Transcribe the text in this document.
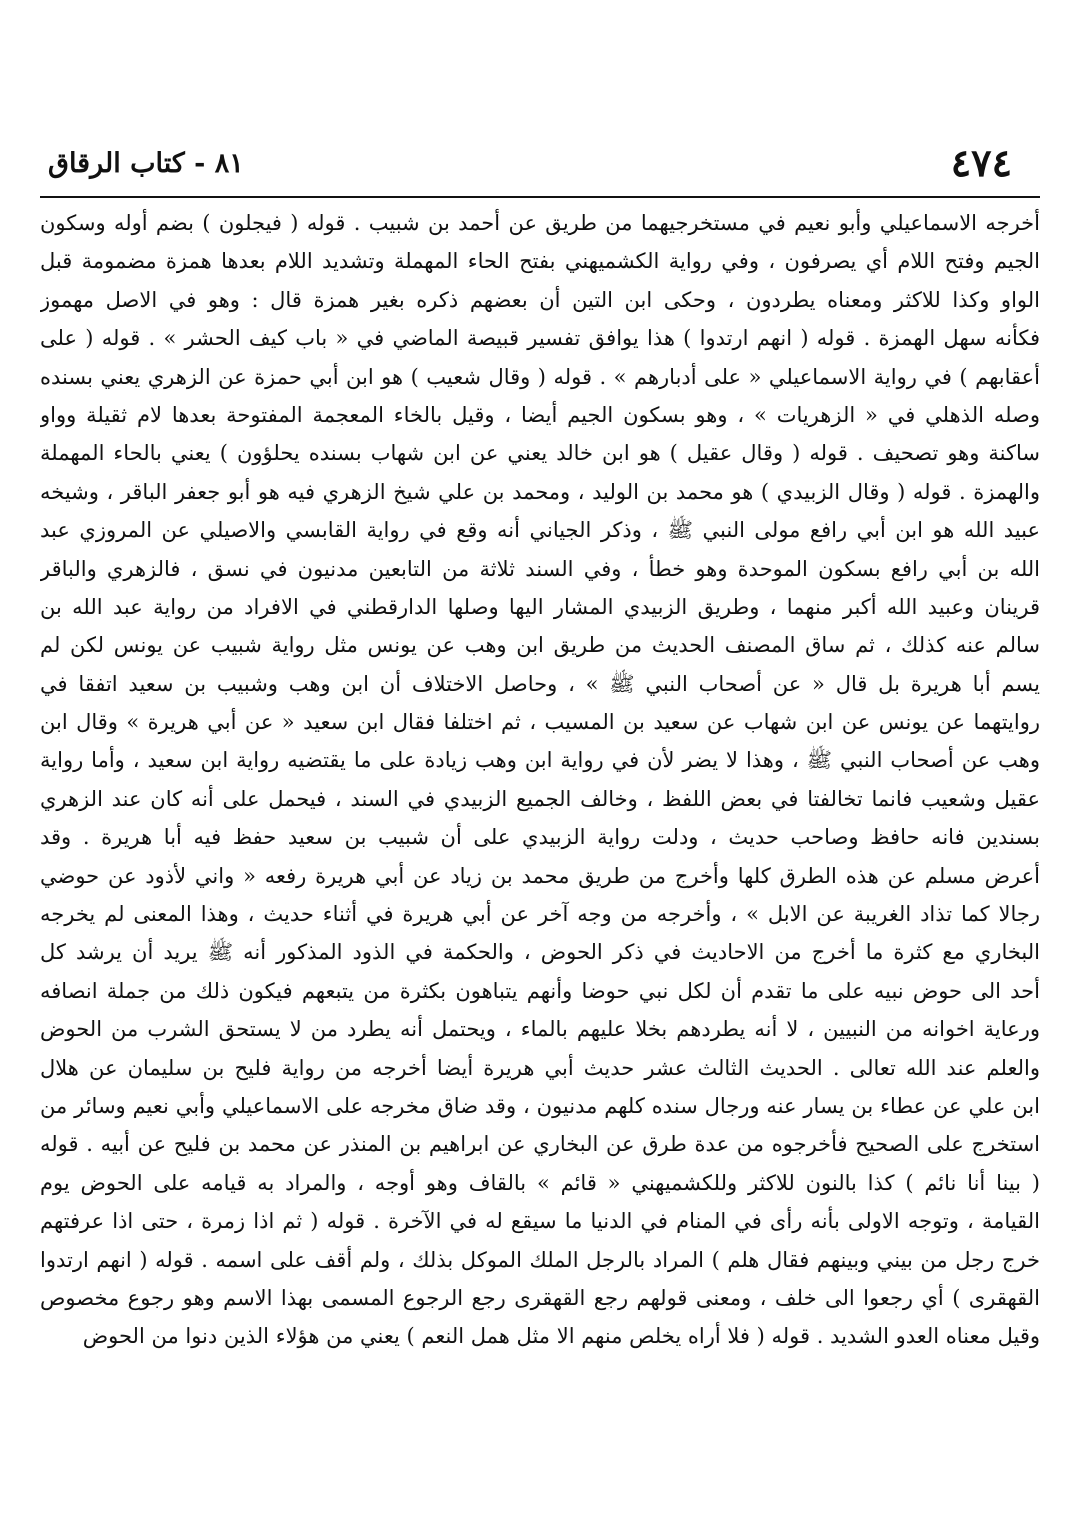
٨١ - كتاب الرقاق	٤٧٤
أخرجه الاسماعيلي وأبو نعيم في مستخرجيهما من طريق عن أحمد بن شبيب . قوله ( فيجلون ) بضم أوله وسكون
الجيم وفتح اللام أي يصرفون ، وفي رواية الكشميهني بفتح الحاء المهملة وتشديد اللام بعدها همزة مضمومة قبل
الواو وكذا للاكثر ومعناه يطردون ، وحكى ابن التين أن بعضهم ذكره بغير همزة قال : وهو في الاصل مهموز
فكأنه سهل الهمزة . قوله ( انهم ارتدوا ) هذا يوافق تفسير قبيصة الماضي في « باب كيف الحشر » . قوله ( على
أعقابهم ) في رواية الاسماعيلي « على أدبارهم » . قوله ( وقال شعيب ) هو ابن أبي حمزة عن الزهري يعني بسنده
وصله الذهلي في « الزهريات » ، وهو بسكون الجيم أيضا ، وقيل بالخاء المعجمة المفتوحة بعدها لام ثقيلة وواو
ساكنة وهو تصحيف . قوله ( وقال عقيل ) هو ابن خالد يعني عن ابن شهاب بسنده يحلؤون ) يعني بالحاء المهملة
والهمزة . قوله ( وقال الزبيدي ) هو محمد بن الوليد ، ومحمد بن علي شيخ الزهري فيه هو أبو جعفر الباقر ، وشيخه
عبيد الله هو ابن أبي رافع مولى النبي ﷺ ، وذكر الجياني أنه وقع في رواية القابسي والاصيلي عن المروزي عبد
الله بن أبي رافع بسكون الموحدة وهو خطأ ، وفي السند ثلاثة من التابعين مدنيون في نسق ، فالزهري والباقر
قرينان وعبيد الله أكبر منهما ، وطريق الزبيدي المشار اليها وصلها الدارقطني في الافراد من رواية عبد الله بن
سالم عنه كذلك ، ثم ساق المصنف الحديث من طريق ابن وهب عن يونس مثل رواية شبيب عن يونس لكن لم
يسم أبا هريرة بل قال « عن أصحاب النبي ﷺ » ، وحاصل الاختلاف أن ابن وهب وشبيب بن سعيد اتفقا في
روايتهما عن يونس عن ابن شهاب عن سعيد بن المسيب ، ثم اختلفا فقال ابن سعيد « عن أبي هريرة » وقال ابن
وهب عن أصحاب النبي ﷺ ، وهذا لا يضر لأن في رواية ابن وهب زيادة على ما يقتضيه رواية ابن سعيد ، وأما رواية
عقيل وشعيب فانما تخالفتا في بعض اللفظ ، وخالف الجميع الزبيدي في السند ، فيحمل على أنه كان عند الزهري
بسندين فانه حافظ وصاحب حديث ، ودلت رواية الزبيدي على أن شبيب بن سعيد حفظ فيه أبا هريرة . وقد
أعرض مسلم عن هذه الطرق كلها وأخرج من طريق محمد بن زياد عن أبي هريرة رفعه « واني لأذود عن حوضي
رجالا كما تذاد الغريبة عن الابل » ، وأخرجه من وجه آخر عن أبي هريرة في أثناء حديث ، وهذا المعنى لم يخرجه
البخاري مع كثرة ما أخرج من الاحاديث في ذكر الحوض ، والحكمة في الذود المذكور أنه ﷺ يريد أن يرشد كل
أحد الى حوض نبيه على ما تقدم أن لكل نبي حوضا وأنهم يتباهون بكثرة من يتبعهم فيكون ذلك من جملة انصافه
ورعاية اخوانه من النبيين ، لا أنه يطردهم بخلا عليهم بالماء ، ويحتمل أنه يطرد من لا يستحق الشرب من الحوض
والعلم عند الله تعالى . الحديث الثالث عشر حديث أبي هريرة أيضا أخرجه من رواية فليح بن سليمان عن هلال
ابن علي عن عطاء بن يسار عنه ورجال سنده كلهم مدنيون ، وقد ضاق مخرجه على الاسماعيلي وأبي نعيم وسائر من
استخرج على الصحيح فأخرجوه من عدة طرق عن البخاري عن ابراهيم بن المنذر عن محمد بن فليح عن أبيه . قوله
( بينا أنا نائم ) كذا بالنون للاكثر وللكشميهني « قائم » بالقاف وهو أوجه ، والمراد به قيامه على الحوض يوم
القيامة ، وتوجه الاولى بأنه رأى في المنام في الدنيا ما سيقع له في الآخرة . قوله ( ثم اذا زمرة ، حتى اذا عرفتهم
خرج رجل من بيني وبينهم فقال هلم ) المراد بالرجل الملك الموكل بذلك ، ولم أقف على اسمه . قوله ( انهم ارتدوا
القهقرى ) أي رجعوا الى خلف ، ومعنى قولهم رجع القهقرى رجع الرجوع المسمى بهذا الاسم وهو رجوع مخصوص
وقيل معناه العدو الشديد . قوله ( فلا أراه يخلص منهم الا مثل همل النعم ) يعني من هؤلاء الذين دنوا من الحوض
